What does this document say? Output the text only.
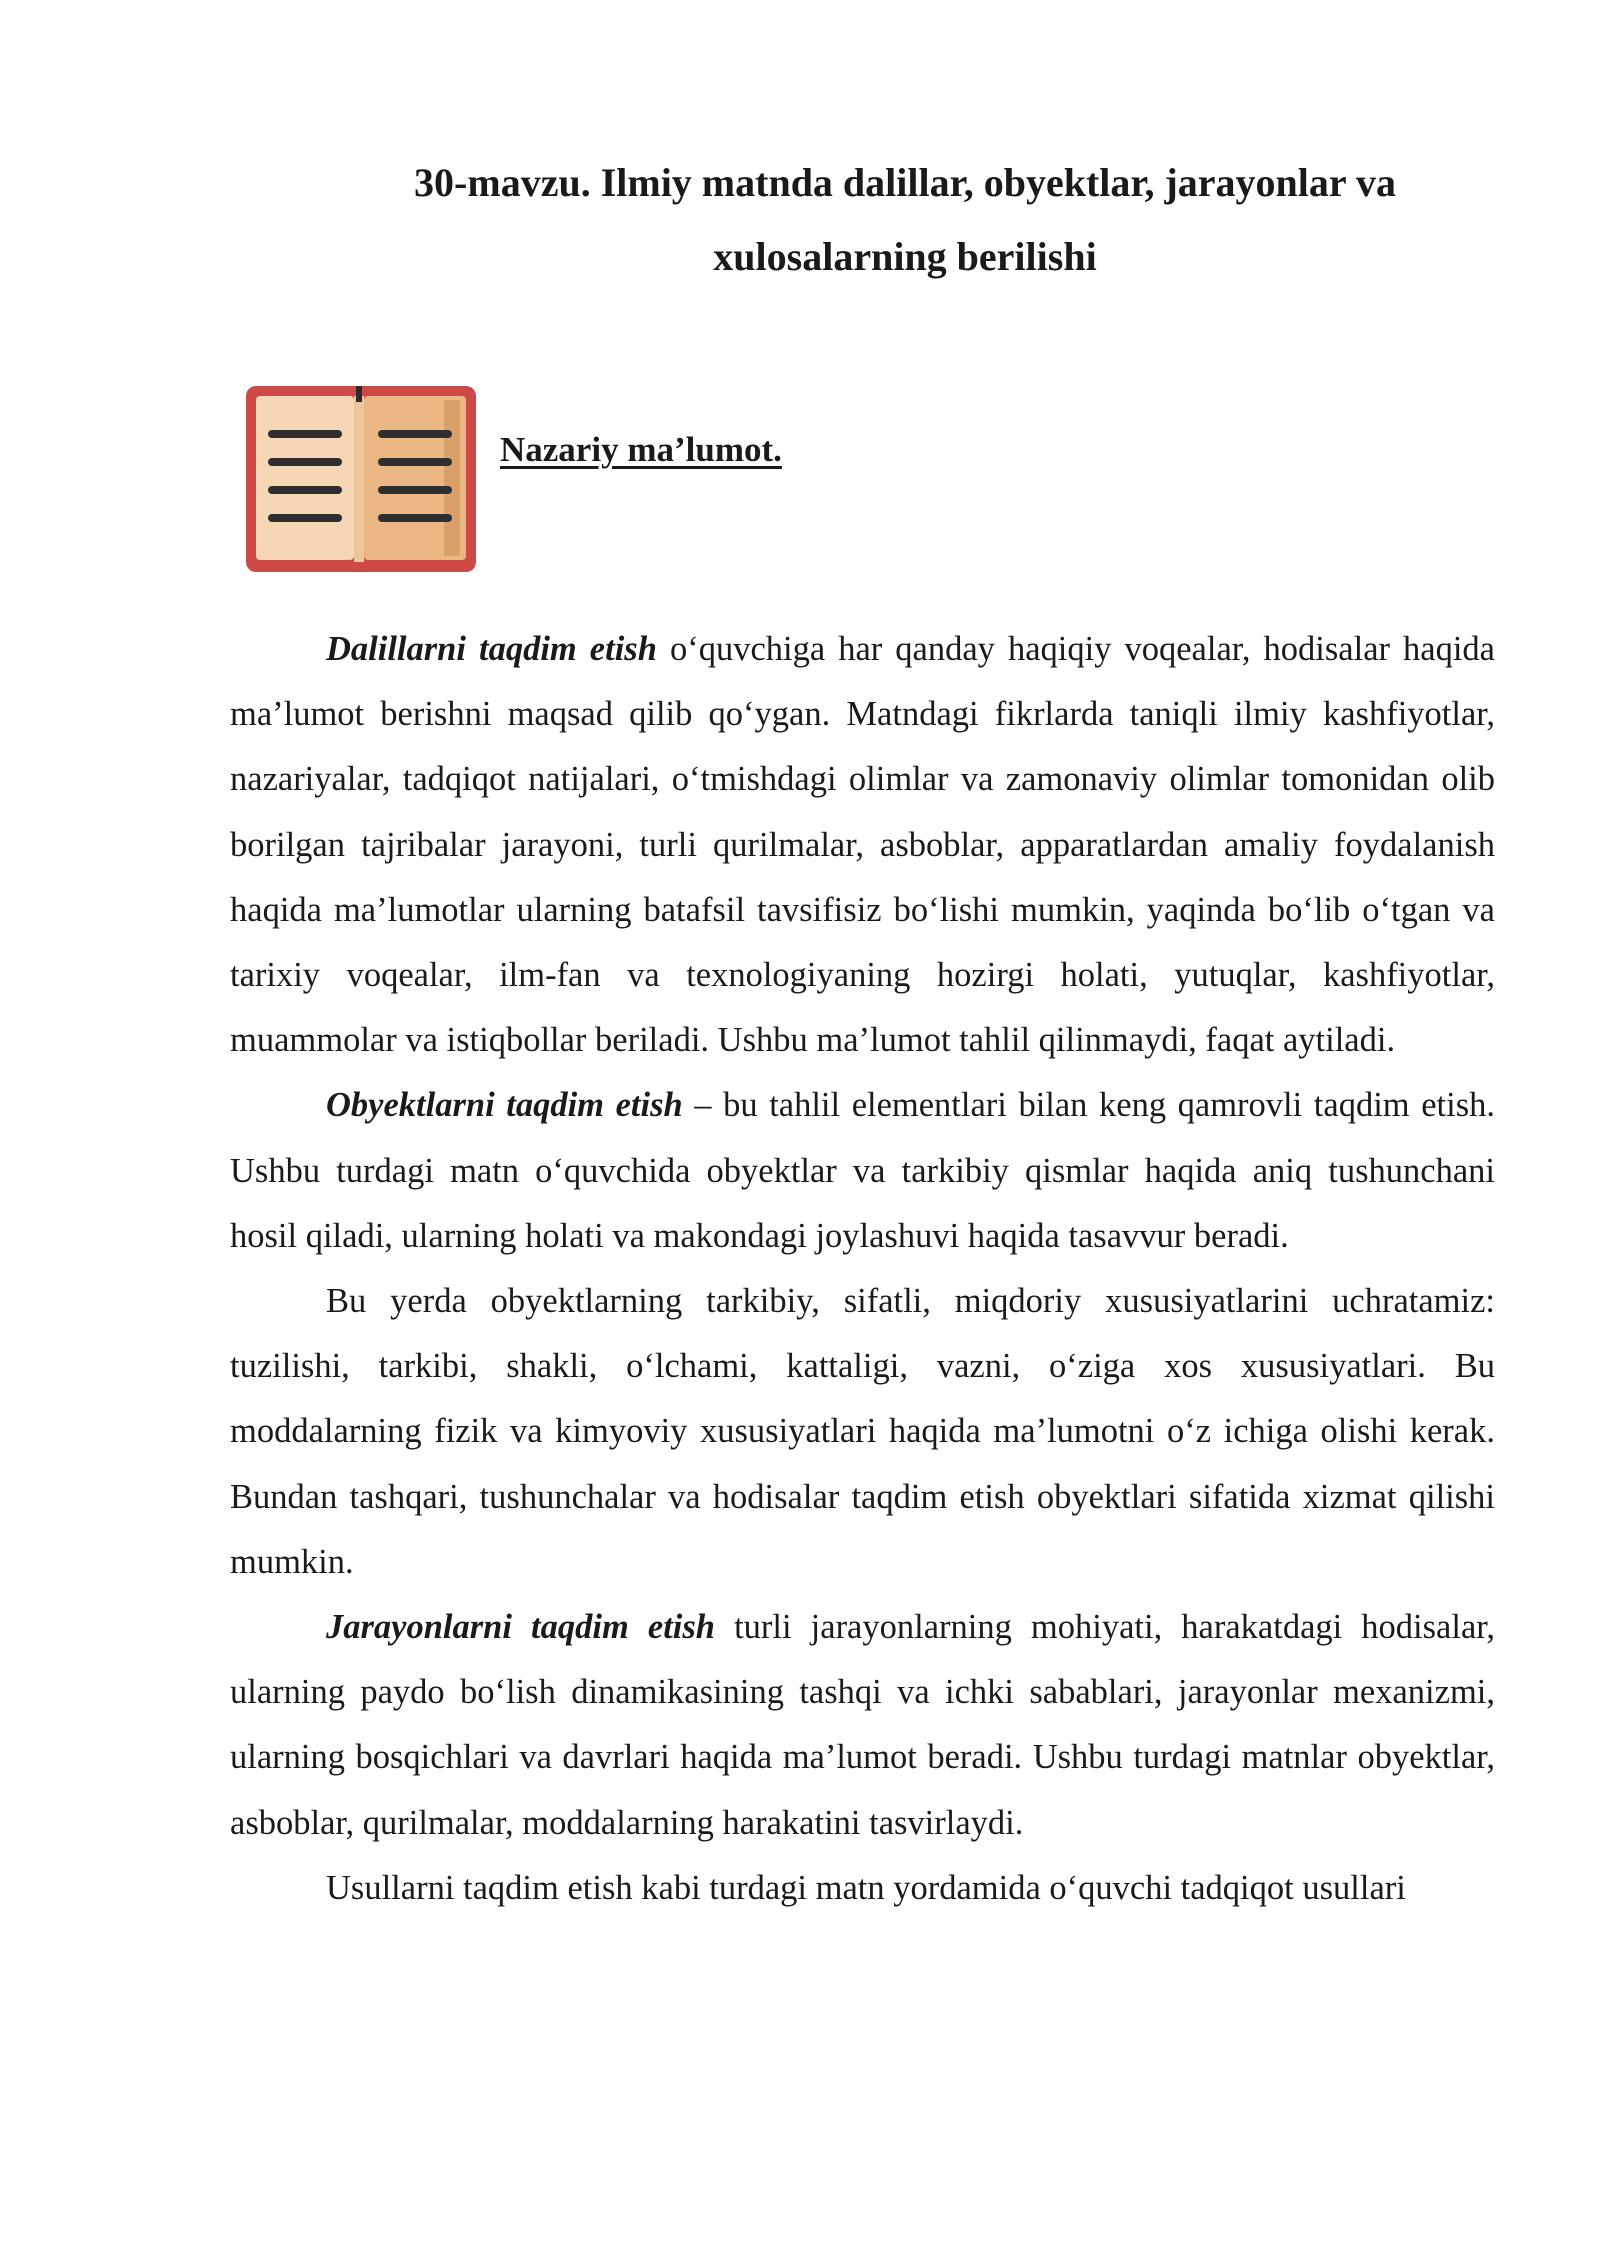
30-mavzu. Ilmiy matnda dalillar, obyektlar, jarayonlar va
xulosalarning berilishi
Nazariy ma’lumot.

Dalillarni taqdim etish o‘quvchiga har qanday haqiqiy voqealar, hodisalar haqida ma’lumot berishni maqsad qilib qo‘ygan. Matndagi fikrlarda taniqli ilmiy kashfiyotlar, nazariyalar, tadqiqot natijalari, o‘tmishdagi olimlar va zamonaviy olimlar tomonidan olib borilgan tajribalar jarayoni, turli qurilmalar, asboblar, apparatlardan amaliy foydalanish haqida ma’lumotlar ularning batafsil tavsifisiz bo‘lishi mumkin, yaqinda bo‘lib o‘tgan va tarixiy voqealar, ilm-fan va texnologiyaning hozirgi holati, yutuqlar, kashfiyotlar, muammolar va istiqbollar beriladi. Ushbu ma’lumot tahlil qilinmaydi, faqat aytiladi.

Obyektlarni taqdim etish – bu tahlil elementlari bilan keng qamrovli taqdim etish. Ushbu turdagi matn o‘quvchida obyektlar va tarkibiy qismlar haqida aniq tushunchani hosil qiladi, ularning holati va makondagi joylashuvi haqida tasavvur beradi.

Bu yerda obyektlarning tarkibiy, sifatli, miqdoriy xususiyatlarini uchratamiz: tuzilishi, tarkibi, shakli, o‘lchami, kattaligi, vazni, o‘ziga xos xususiyatlari. Bu moddalarning fizik va kimyoviy xususiyatlari haqida ma’lumotni o‘z ichiga olishi kerak. Bundan tashqari, tushunchalar va hodisalar taqdim etish obyektlari sifatida xizmat qilishi mumkin.

Jarayonlarni taqdim etish turli jarayonlarning mohiyati, harakatdagi hodisalar, ularning paydo bo‘lish dinamikasining tashqi va ichki sabablari, jarayonlar mexanizmi, ularning bosqichlari va davrlari haqida ma’lumot beradi. Ushbu turdagi matnlar obyektlar, asboblar, qurilmalar, moddalarning harakatini tasvirlaydi.

Usullarni taqdim etish kabi turdagi matn yordamida o‘quvchi tadqiqot usullari
